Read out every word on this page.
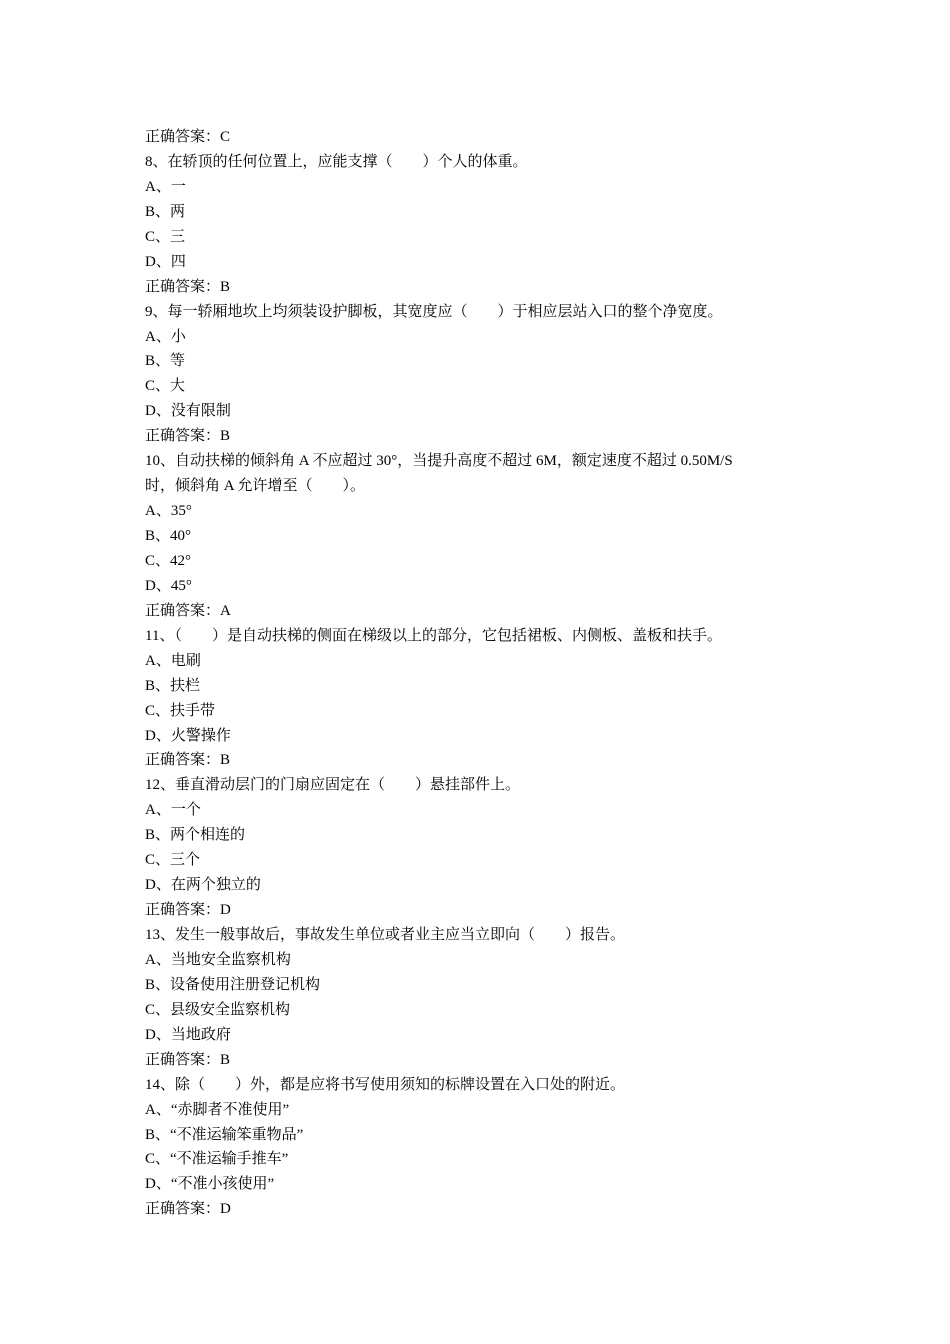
正确答案：C
8、在轿顶的任何位置上，应能支撑（　　）个人的体重。
A、一
B、两
C、三
D、四
正确答案：B
9、每一轿厢地坎上均须装设护脚板，其宽度应（　　）于相应层站入口的整个净宽度。
A、小
B、等
C、大
D、没有限制
正确答案：B
10、自动扶梯的倾斜角 A 不应超过 30°，当提升高度不超过 6M，额定速度不超过 0.50M/S
时，倾斜角 A 允许增至（　　）。
A、35°
B、40°
C、42°
D、45°
正确答案：A
11、（　　）是自动扶梯的侧面在梯级以上的部分，它包括裙板、内侧板、盖板和扶手。
A、电刷
B、扶栏
C、扶手带
D、火警操作
正确答案：B
12、垂直滑动层门的门扇应固定在（　　）悬挂部件上。
A、一个
B、两个相连的
C、三个
D、在两个独立的
正确答案：D
13、发生一般事故后，事故发生单位或者业主应当立即向（　　）报告。
A、当地安全监察机构
B、设备使用注册登记机构
C、县级安全监察机构
D、当地政府
正确答案：B
14、除（　　）外，都是应将书写使用须知的标牌设置在入口处的附近。
A、“赤脚者不准使用”
B、“不准运输笨重物品”
C、“不准运输手推车”
D、“不准小孩使用”
正确答案：D
